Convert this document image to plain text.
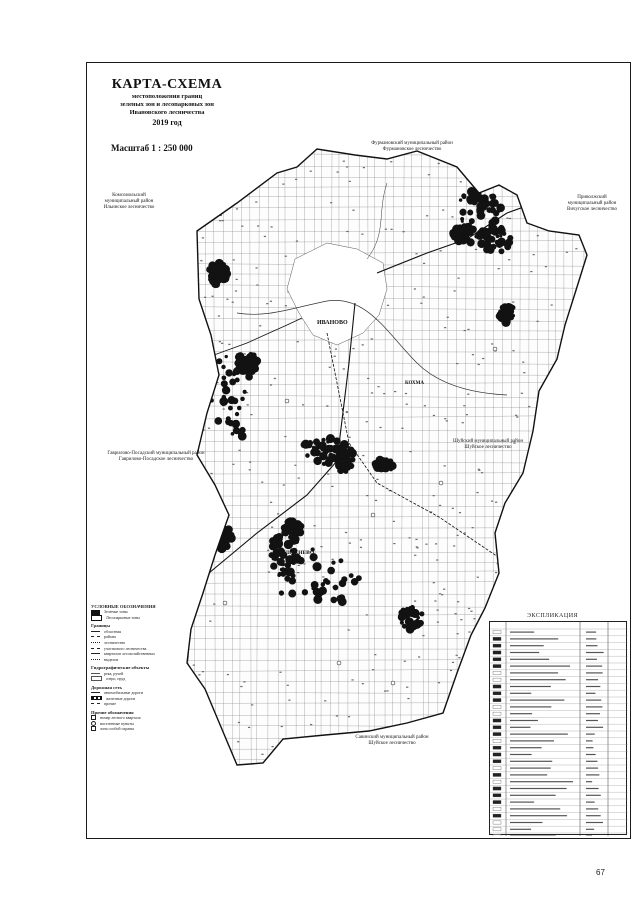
КАРТА-СХЕМА
местоположения границ
зеленых зон и лесопарковых зон
Ивановского лесничества
2019 год
Масштаб 1 : 250 000	Фурмановский муниципальный район
Фурмановское лесничество
Комсомольский
муниципальный район
Ильинское лесничество
Приволжский
муниципальный район
Вичугское лесничество
Гаврилово-Посадский муниципальный район
Гаврилово-Посадское лесничество
Шуйский муниципальный район
Шуйское лесничество
Савинский муниципальный район
Шуйское лесничество
ИВАНОВО
КОХМА
ЛЕЖНЕВО
УСЛОВНЫЕ ОБОЗНАЧЕНИЯ
Зеленые зоны
Лесопарковые зоны
Границы
областная
района
лесничества
участкового лесничества
кварталов лесохозяйственных
выделов
Гидрографические объекты
река, ручей
озеро, пруд
Дорожная сеть
автомобильные дороги
железные дороги
прочие
Прочие обозначения
номер лесного квартала
населенные пункты
зона особой охраны
ЭКСПЛИКАЦИЯ
67
